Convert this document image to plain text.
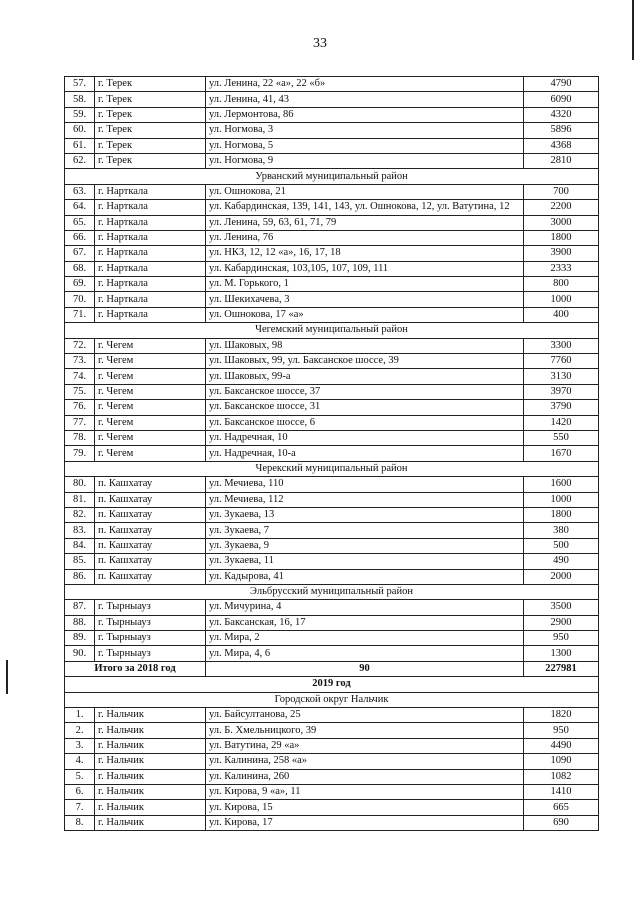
33
57.	г. Терек	ул. Ленина, 22 «а», 22 «б»	4790
58.	г. Терек	ул. Ленина, 41, 43	6090
59.	г. Терек	ул. Лермонтова, 86	4320
60.	г. Терек	ул. Ногмова, 3	5896
61.	г. Терек	ул. Ногмова, 5	4368
62.	г. Терек	ул. Ногмова, 9	2810
Урванский муниципальный район			
63.	г. Нарткала	ул. Ошнокова, 21	700
64.	г. Нарткала	ул. Кабардинская, 139, 141, 143, ул. Ошнокова, 12, ул. Ватутина, 12	2200
65.	г. Нарткала	ул. Ленина, 59, 63, 61, 71, 79	3000
66.	г. Нарткала	ул. Ленина, 76	1800
67.	г. Нарткала	ул. НКЗ, 12, 12 «а», 16, 17, 18	3900
68.	г. Нарткала	ул. Кабардинская, 103,105, 107, 109, 111	2333
69.	г. Нарткала	ул. М. Горького, 1	800
70.	г. Нарткала	ул. Шекихачева, 3	1000
71.	г. Нарткала	ул. Ошнокова, 17 «а»	400
Чегемский муниципальный район			
72.	г. Чегем	ул. Шаковых, 98	3300
73.	г. Чегем	ул. Шаковых, 99, ул. Баксанское шоссе, 39	7760
74.	г. Чегем	ул. Шаковых, 99-а	3130
75.	г. Чегем	ул. Баксанское шоссе, 37	3970
76.	г. Чегем	ул. Баксанское шоссе, 31	3790
77.	г. Чегем	ул. Баксанское шоссе, 6	1420
78.	г. Чегем	ул. Надречная, 10	550
79.	г. Чегем	ул. Надречная, 10-а	1670
Черекский муниципальный район			
80.	п. Кашхатау	ул. Мечиева, 110	1600
81.	п. Кашхатау	ул. Мечиева, 112	1000
82.	п. Кашхатау	ул. Зукаева, 13	1800
83.	п. Кашхатау	ул. Зукаева, 7	380
84.	п. Кашхатау	ул. Зукаева, 9	500
85.	п. Кашхатау	ул. Зукаева, 11	490
86.	п. Кашхатау	ул. Кадырова, 41	2000
Эльбрусский муниципальный район			
87.	г. Тырныауз	ул. Мичурина, 4	3500
88.	г. Тырныауз	ул. Баксанская, 16, 17	2900
89.	г. Тырныауз	ул. Мира, 2	950
90.	г. Тырныауз	ул. Мира, 4, 6	1300
Итого за 2018 год		90	227981
2019 год			
Городской округ Нальчик			
1.	г. Нальчик	ул. Байсултанова, 25	1820
2.	г. Нальчик	ул. Б. Хмельницкого, 39	950
3.	г. Нальчик	ул. Ватутина, 29 «а»	4490
4.	г. Нальчик	ул. Калинина, 258 «а»	1090
5.	г. Нальчик	ул. Калинина, 260	1082
6.	г. Нальчик	ул. Кирова, 9 «а», 11	1410
7.	г. Нальчик	ул. Кирова, 15	665
8.	г. Нальчик	ул. Кирова, 17	690
